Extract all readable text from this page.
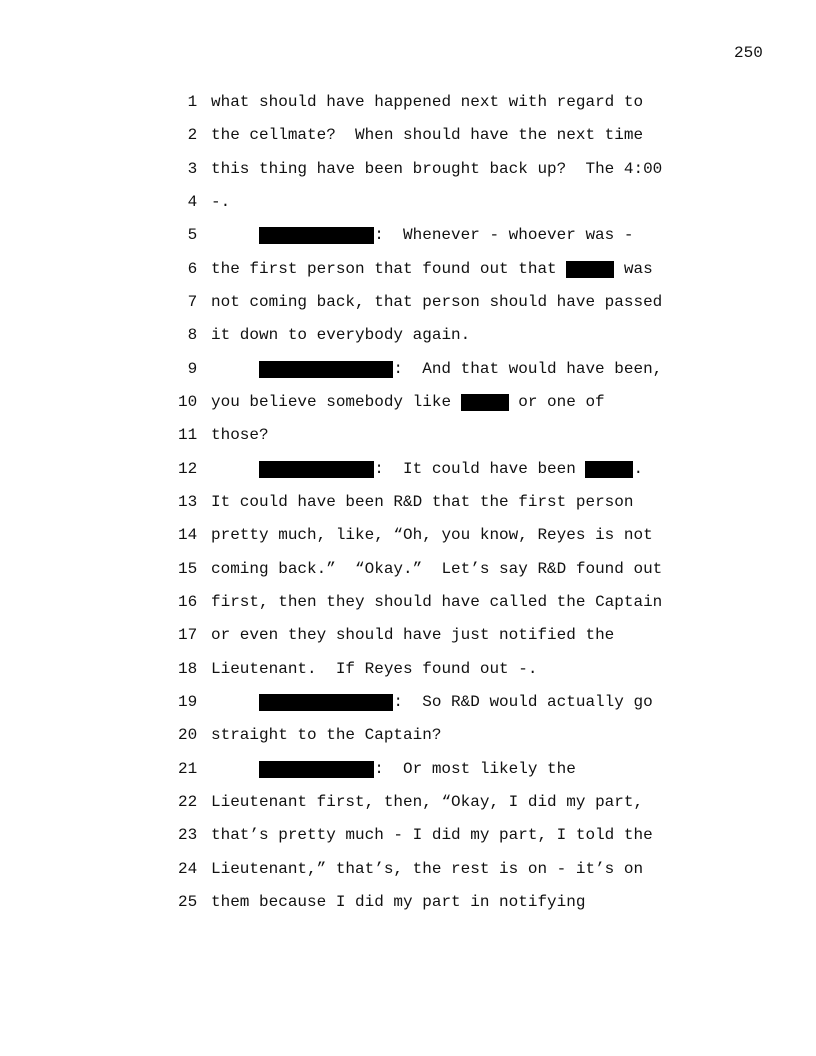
250
1 what should have happened next with regard to
2 the cellmate?  When should have the next time
3 this thing have been brought back up?  The 4:00
4 -.
5	:  Whenever - whoever was -
6 the first person that found out that	was
7 not coming back, that person should have passed
8 it down to everybody again.
9	:  And that would have been,
10 you believe somebody like	or one of
11 those?
12	:  It could have been	.
13 It could have been R&D that the first person
14 pretty much, like, “Oh, you know, Reyes is not
15 coming back.”  “Okay.”  Let’s say R&D found out
16 first, then they should have called the Captain
17 or even they should have just notified the
18 Lieutenant.  If Reyes found out -.
19	:  So R&D would actually go
20 straight to the Captain?
21	:  Or most likely the
22 Lieutenant first, then, “Okay, I did my part,
23 that’s pretty much - I did my part, I told the
24 Lieutenant,” that’s, the rest is on - it’s on
25 them because I did my part in notifying
